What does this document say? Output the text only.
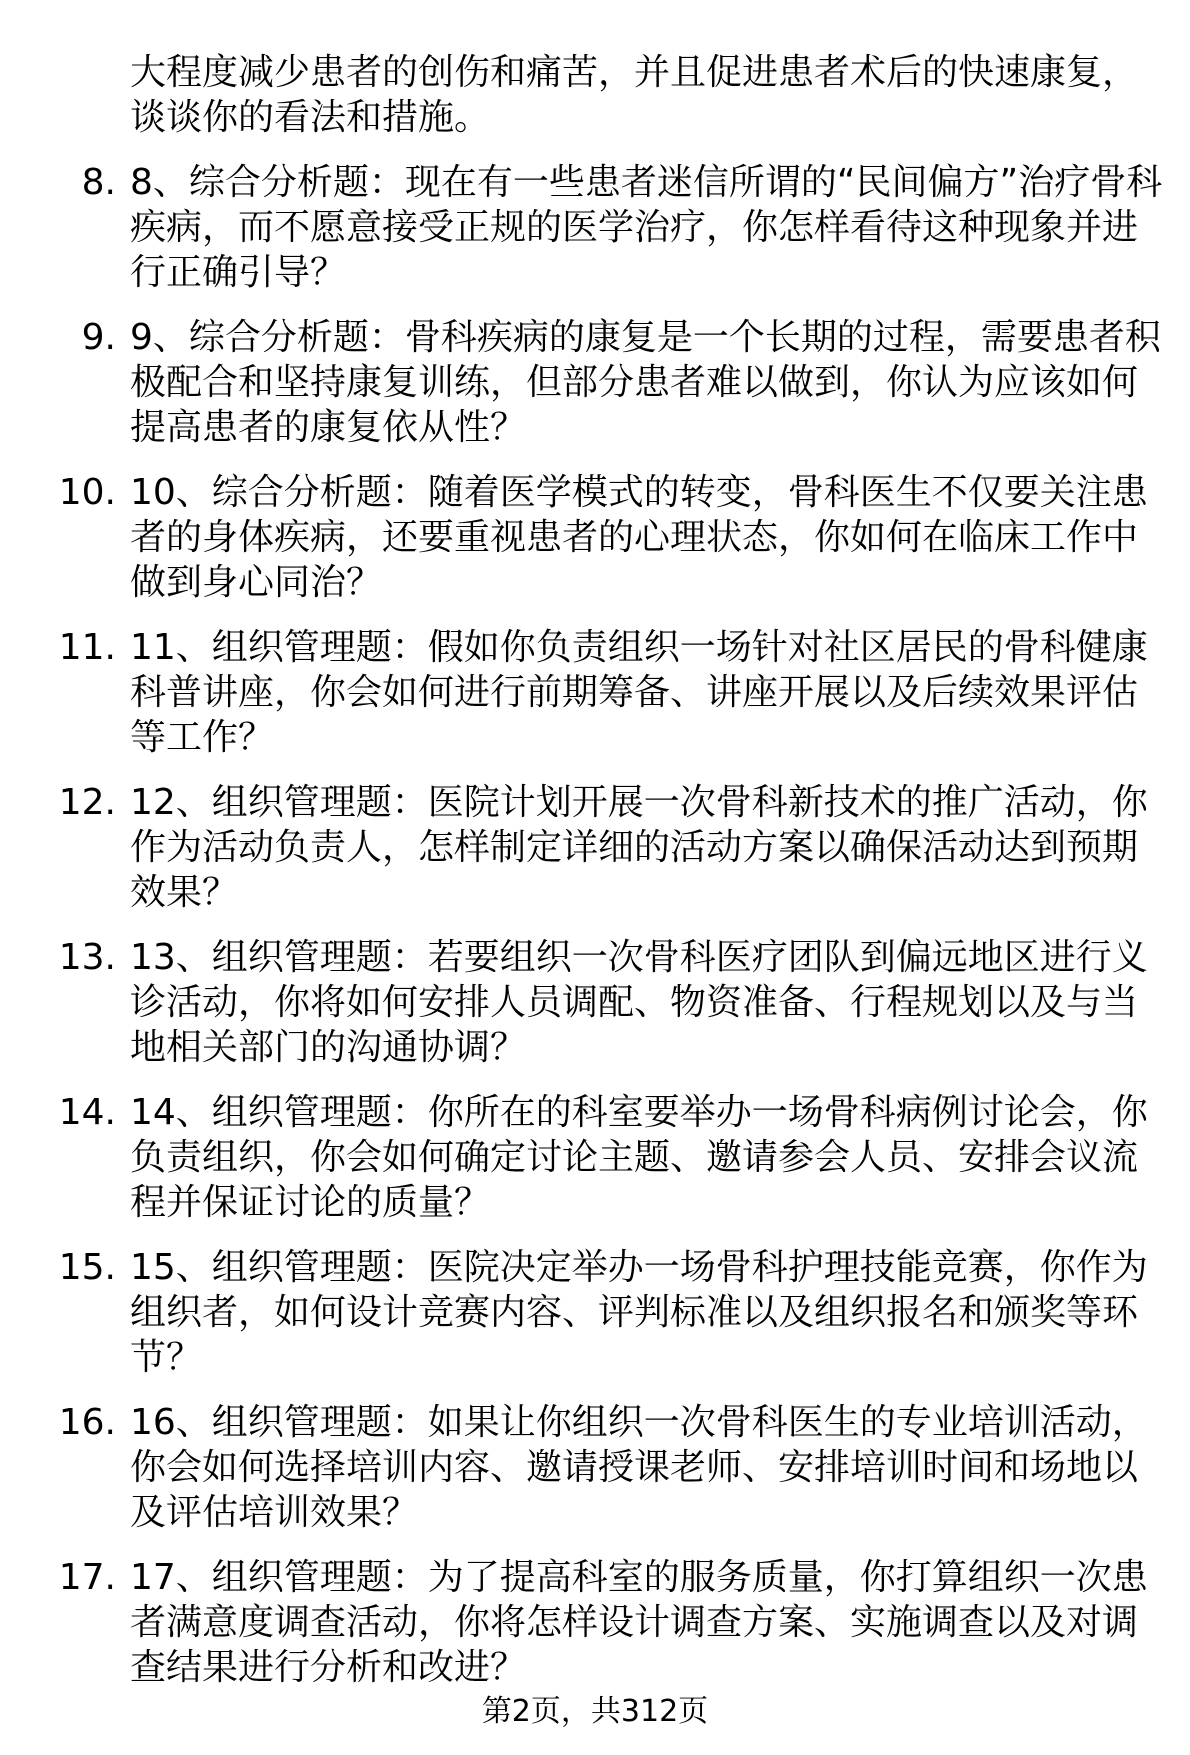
大程度减少患者的创伤和痛苦，并且促进患者术后的快速康复，
谈谈你的看法和措施。
8. 8、综合分析题：现在有一些患者迷信所谓的“民间偏方”治疗骨科
疾病，而不愿意接受正规的医学治疗，你怎样看待这种现象并进
行正确引导？
9. 9、综合分析题：骨科疾病的康复是一个长期的过程，需要患者积
极配合和坚持康复训练，但部分患者难以做到，你认为应该如何
提高患者的康复依从性？
10. 10、综合分析题：随着医学模式的转变，骨科医生不仅要关注患
者的身体疾病，还要重视患者的心理状态，你如何在临床工作中
做到身心同治？
11. 11、组织管理题：假如你负责组织一场针对社区居民的骨科健康
科普讲座，你会如何进行前期筹备、讲座开展以及后续效果评估
等工作？
12. 12、组织管理题：医院计划开展一次骨科新技术的推广活动，你
作为活动负责人，怎样制定详细的活动方案以确保活动达到预期
效果？
13. 13、组织管理题：若要组织一次骨科医疗团队到偏远地区进行义
诊活动，你将如何安排人员调配、物资准备、行程规划以及与当
地相关部门的沟通协调？
14. 14、组织管理题：你所在的科室要举办一场骨科病例讨论会，你
负责组织，你会如何确定讨论主题、邀请参会人员、安排会议流
程并保证讨论的质量？
15. 15、组织管理题：医院决定举办一场骨科护理技能竞赛，你作为
组织者，如何设计竞赛内容、评判标准以及组织报名和颁奖等环
节？
16. 16、组织管理题：如果让你组织一次骨科医生的专业培训活动，
你会如何选择培训内容、邀请授课老师、安排培训时间和场地以
及评估培训效果？
17. 17、组织管理题：为了提高科室的服务质量，你打算组织一次患
者满意度调查活动，你将怎样设计调查方案、实施调查以及对调
查结果进行分析和改进？
第2页，共312页
